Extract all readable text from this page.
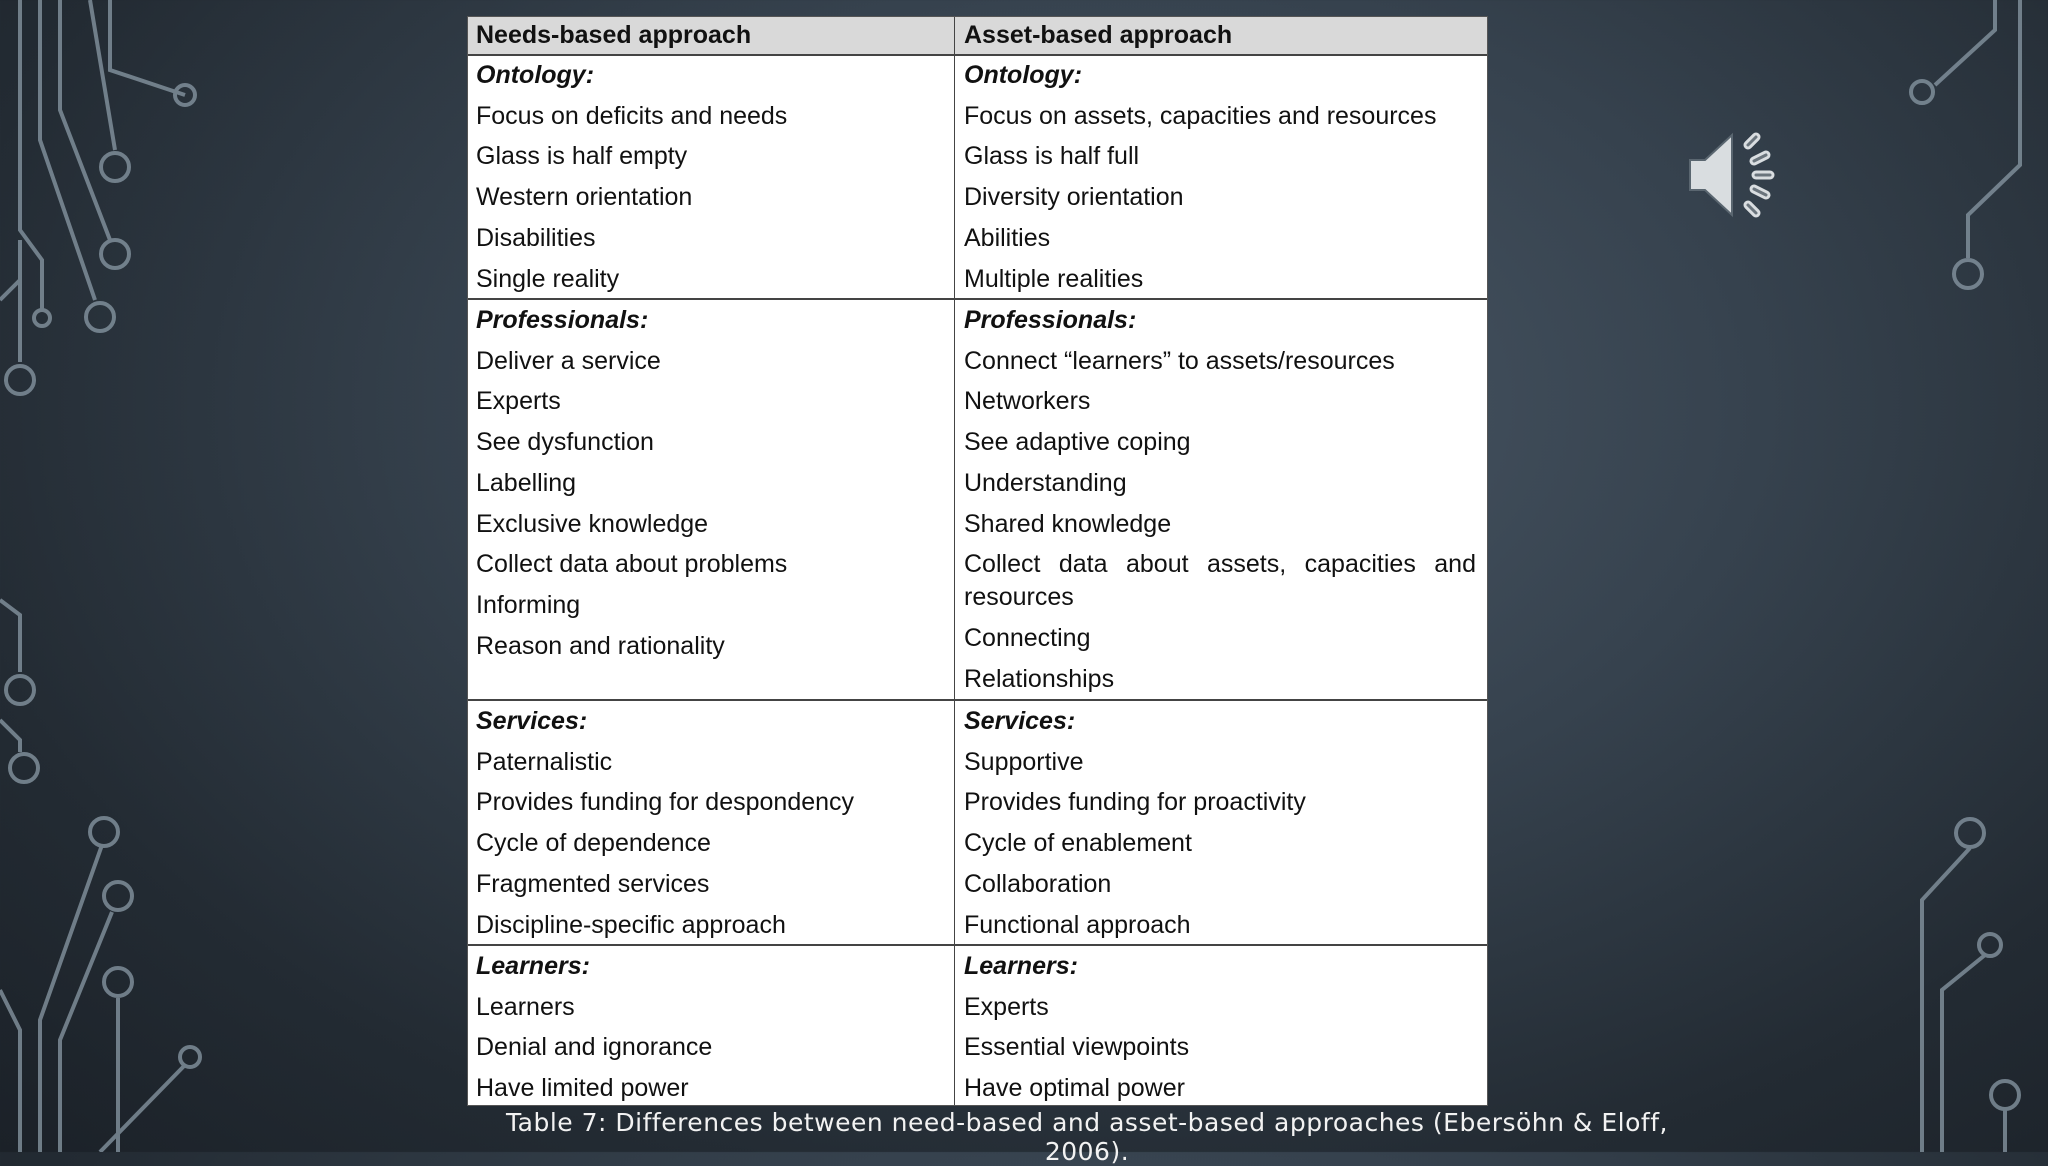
Needs-based approach	Asset-based approach
Ontology:
Focus on deficits and needs
Glass is half empty
Western orientation
Disabilities
Single reality
Ontology:
Focus on assets, capacities and resources
Glass is half full
Diversity orientation
Abilities
Multiple realities
Professionals:
Deliver a service
Experts
See dysfunction
Labelling
Exclusive knowledge
Collect data about problems
Informing
Reason and rationality
Professionals:
Connect “learners” to assets/resources
Networkers
See adaptive coping
Understanding
Shared knowledge
Collect data about assets, capacities and resources
Connecting
Relationships
Services:
Paternalistic
Provides funding for despondency
Cycle of dependence
Fragmented services
Discipline-specific approach
Services:
Supportive
Provides funding for proactivity
Cycle of enablement
Collaboration
Functional approach
Learners:
Learners
Denial and ignorance
Have limited power
Learners:
Experts
Essential viewpoints
Have optimal power
Table 7: Differences between need-based and asset-based approaches (Ebersöhn & Eloff, 2006).
